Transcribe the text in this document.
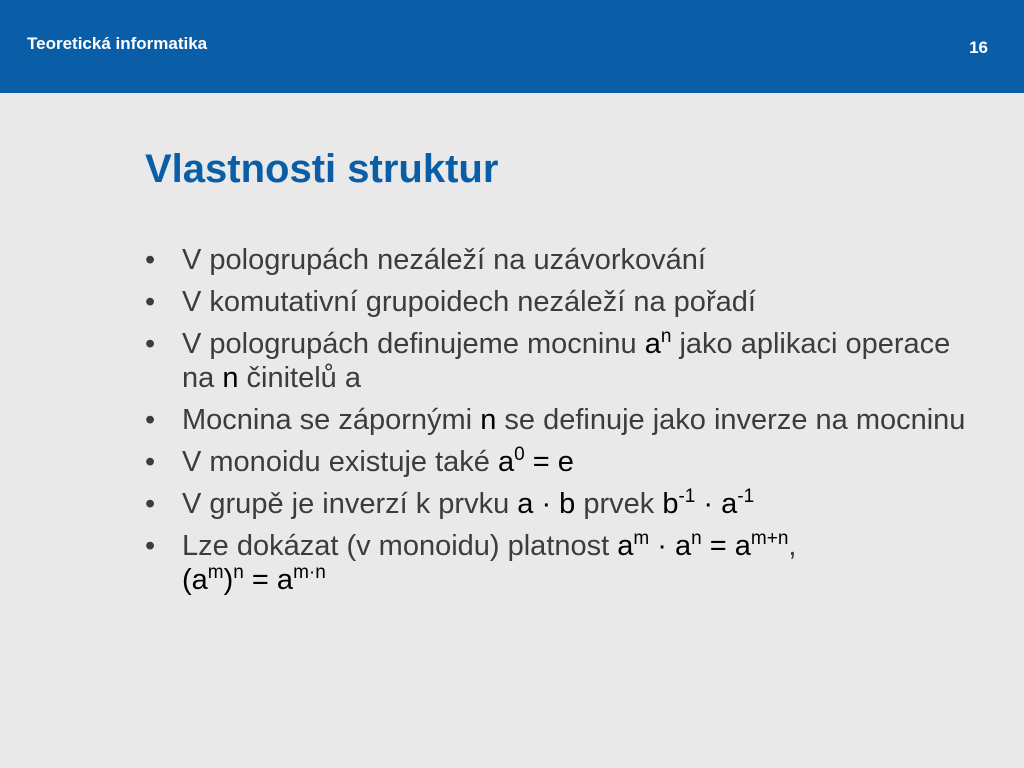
Teoretická informatika	16
Vlastnosti struktur
• V pologrupách nezáleží na uzávorkování
• V komutativní grupoidech nezáleží na pořadí
• V pologrupách definujeme mocninu $a^n$ jako aplikaci operace na n činitelů a
• Mocnina se zápornými n se definuje jako inverze na mocninu
• V monoidu existuje také $a^0 = e$
• V grupě je inverzí k prvku a · b prvek $b^{-1} \cdot a^{-1}$
• Lze dokázat (v monoidu) platnost $a^m \cdot a^n = a^{m+n}$,
$(a^m)^n = a^{m\cdot n}$
